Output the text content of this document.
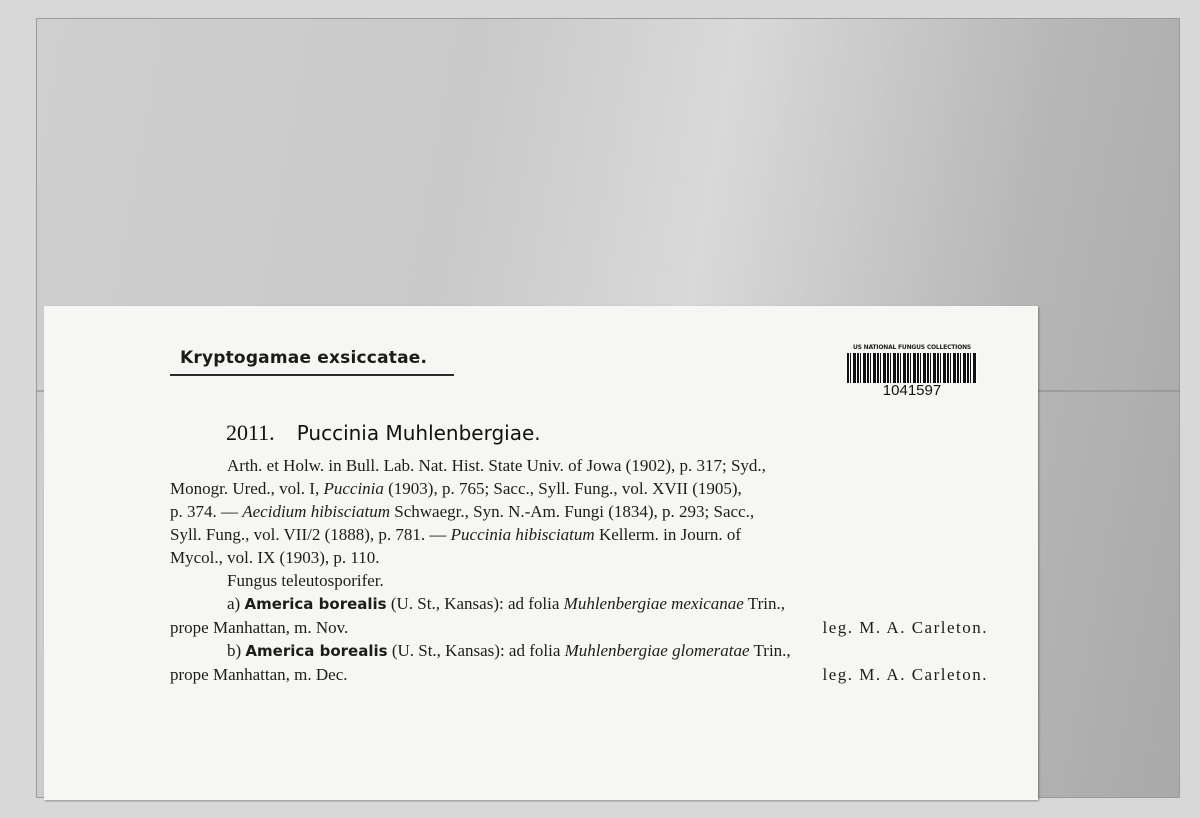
Kryptogamae exsiccatae.
US NATIONAL FUNGUS COLLECTIONS
1041597
2011. Puccinia Muhlenbergiae.
Arth. et Holw. in Bull. Lab. Nat. Hist. State Univ. of Jowa (1902), p. 317; Syd.,
Monogr. Ured., vol. I, Puccinia (1903), p. 765; Sacc., Syll. Fung., vol. XVII (1905),
p. 374. — Aecidium hibisciatum Schwaegr., Syn. N.-Am. Fungi (1834), p. 293; Sacc.,
Syll. Fung., vol. VII/2 (1888), p. 781. — Puccinia hibisciatum Kellerm. in Journ. of
Mycol., vol. IX (1903), p. 110.
Fungus teleutosporifer.
a) America borealis (U. St., Kansas): ad folia Muhlenbergiae mexicanae Trin.,
prope Manhattan, m. Nov.	leg. M. A. Carleton.
b) America borealis (U. St., Kansas): ad folia Muhlenbergiae glomeratae Trin.,
prope Manhattan, m. Dec.	leg. M. A. Carleton.
